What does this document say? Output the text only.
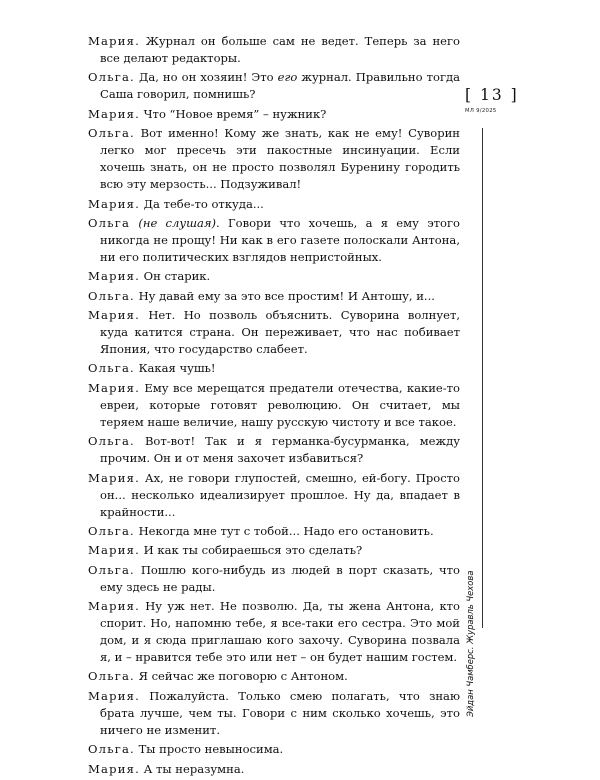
Мария. Журнал он больше сам не ведет. Теперь за него все делают редакторы.

Ольга. Да, но он хозяин! Это его журнал. Правильно тогда Саша говорил, помнишь?

Мария. Что “Новое время” – нужник?

Ольга. Вот именно! Кому же знать, как не ему! Суворин легко мог пресечь эти пакостные инсинуации. Если хочешь знать, он не просто позволял Буренину городить всю эту мерзость... Подзуживал!

Мария. Да тебе-то откуда...

Ольга (не слушая). Говори что хочешь, а я ему этого никогда не прощу! Ни как в его газете полоскали Антона, ни его политических взглядов непристойных.

Мария. Он старик.

Ольга. Ну давай ему за это все простим! И Антошу, и...

Мария. Нет. Но позволь объяснить. Суворина волнует, куда катится страна. Он переживает, что нас побивает Япония, что государство слабеет.

Ольга. Какая чушь!

Мария. Ему все мерещатся предатели отечества, какие-то евреи, которые готовят революцию. Он считает, мы теряем наше величие, нашу русскую чистоту и все такое.

Ольга. Вот-вот! Так и я германка-бусурманка, между прочим. Он и от меня захочет избавиться?

Мария. Ах, не говори глупостей, смешно, ей-богу. Просто он... несколько идеализирует прошлое. Ну да, впадает в крайности...

Ольга. Некогда мне тут с тобой... Надо его остановить.

Мария. И как ты собираешься это сделать?

Ольга. Пошлю кого-нибудь из людей в порт сказать, что ему здесь не рады.

Мария. Ну уж нет. Не позволю. Да, ты жена Антона, кто спорит. Но, напомню тебе, я все-таки его сестра. Это мой дом, и я сюда приглашаю кого захочу. Суворина позвала я, и – нравится тебе это или нет – он будет нашим гостем.

Ольга. Я сейчас же поговорю с Антоном.

Мария. Пожалуйста. Только смею полагать, что знаю брата лучше, чем ты. Говори с ним сколько хочешь, это ничего не изменит.

Ольга. Ты просто невыносима.

Мария. А ты неразумна.

[ 13 ]
МЛ 9/2025
Эйдан Чамберс. Журавль Чехова
